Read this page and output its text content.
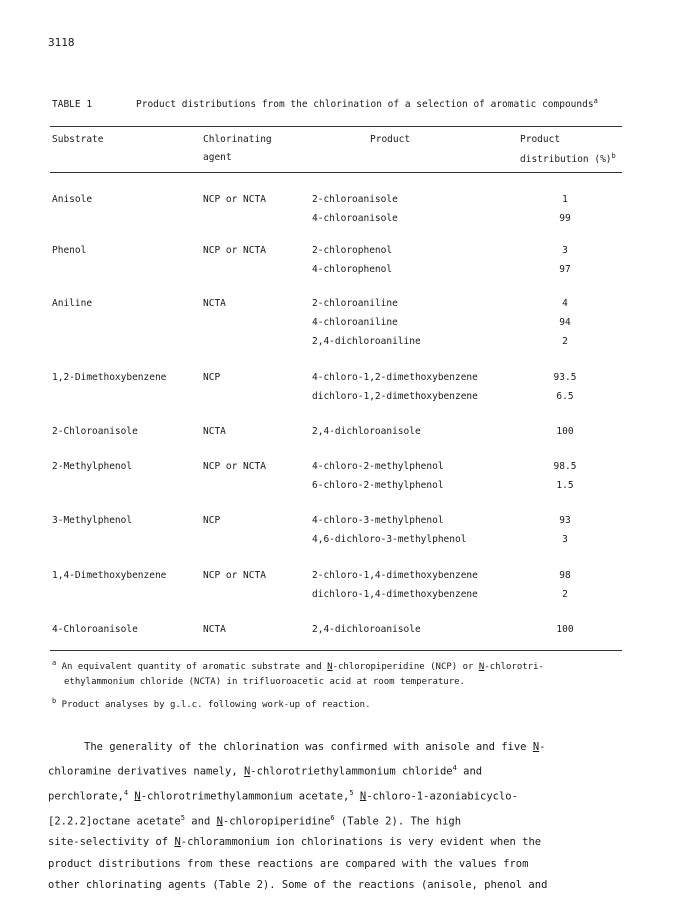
3118
TABLE 1	Product distributions from the chlorination of a selection of aromatic compounds$^a$
Substrate	Chlorinating
agent
Product	Product
distribution (%)$^b$
Anisole	NCP or NCTA	2-chloroanisole	1
4-chloroanisole	99
Phenol	NCP or NCTA	2-chlorophenol	3
4-chlorophenol	97
Aniline	NCTA	2-chloroaniline	4
4-chloroaniline	94
2,4-dichloroaniline	2
1,2-Dimethoxybenzene	NCP	4-chloro-1,2-dimethoxybenzene	93.5
dichloro-1,2-dimethoxybenzene	6.5
2-Chloroanisole	NCTA	2,4-dichloroanisole	100
2-Methylphenol	NCP or NCTA	4-chloro-2-methylphenol	98.5
6-chloro-2-methylphenol	1.5
3-Methylphenol	NCP	4-chloro-3-methylphenol	93
4,6-dichloro-3-methylphenol	3
1,4-Dimethoxybenzene	NCP or NCTA	2-chloro-1,4-dimethoxybenzene	98
dichloro-1,4-dimethoxybenzene	2
4-Chloroanisole	NCTA	2,4-dichloroanisole	100
$^a$ An equivalent quantity of aromatic substrate and N-chloropiperidine (NCP) or N-chlorotri-
ethylammonium chloride (NCTA) in trifluoroacetic acid at room temperature.
$^b$ Product analyses by g.l.c. following work-up of reaction.
The generality of the chlorination was confirmed with anisole and five N-
chloramine derivatives namely, N-chlorotriethylammonium chloride$^4$ and
perchlorate,$^4$ N-chlorotrimethylammonium acetate,$^5$ N-chloro-1-azoniabicyclo-
[2.2.2]octane acetate$^5$ and N-chloropiperidine$^6$ (Table 2). The high
site-selectivity of N-chlorammonium ion chlorinations is very evident when the
product distributions from these reactions are compared with the values from
other chlorinating agents (Table 2). Some of the reactions (anisole, phenol and
